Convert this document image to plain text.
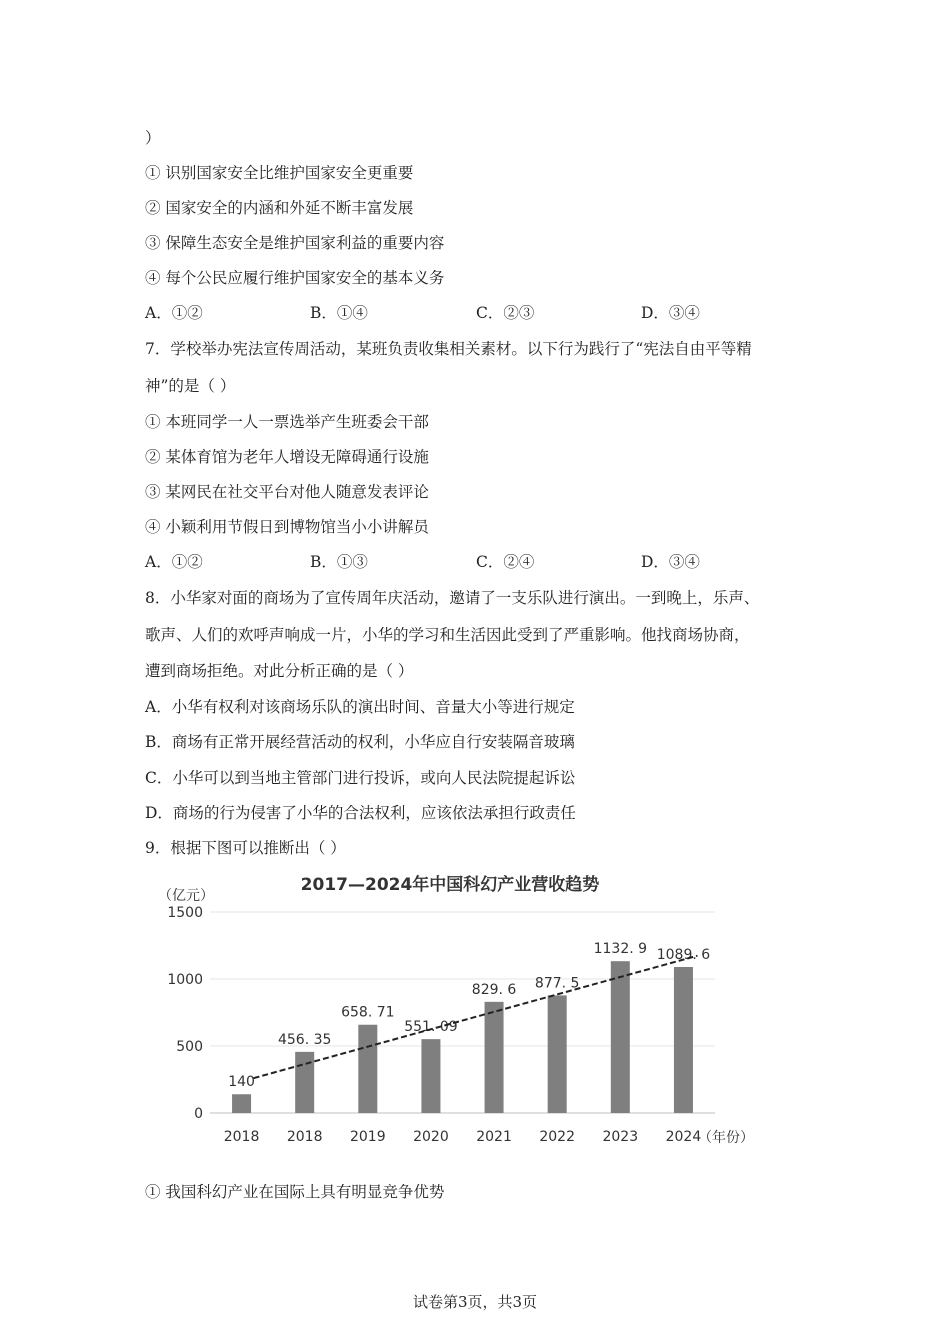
）
① 识别国家安全比维护国家安全更重要
② 国家安全的内涵和外延不断丰富发展
③ 保障生态安全是维护国家利益的重要内容
④ 每个公民应履行维护国家安全的基本义务
A．①②	B．①④	C．②③	D．③④
7．学校举办宪法宣传周活动，某班负责收集相关素材。以下行为践行了“宪法自由平等精
神”的是（ ）
① 本班同学一人一票选举产生班委会干部
② 某体育馆为老年人增设无障碍通行设施
③ 某网民在社交平台对他人随意发表评论
④ 小颖利用节假日到博物馆当小小讲解员
A．①②	B．①③	C．②④	D．③④
8．小华家对面的商场为了宣传周年庆活动，邀请了一支乐队进行演出。一到晚上，乐声、
歌声、人们的欢呼声响成一片，小华的学习和生活因此受到了严重影响。他找商场协商，
遭到商场拒绝。对此分析正确的是（ ）
A．小华有权利对该商场乐队的演出时间、音量大小等进行规定
B．商场有正常开展经营活动的权利，小华应自行安装隔音玻璃
C．小华可以到当地主管部门进行投诉，或向人民法院提起诉讼
D．商场的行为侵害了小华的合法权利，应该依法承担行政责任
9．根据下图可以推断出（ ）
2017—2024年中国科幻产业营收趋势
（亿元）
（年份）
0
500
1000
1500
2018 2018 2019 2020 2021 2022 2023 2024
140
456. 35
658. 71
551. 09
829. 6 877. 5
1132. 9 1089. 6
① 我国科幻产业在国际上具有明显竞争优势
试卷第3页，共3页
